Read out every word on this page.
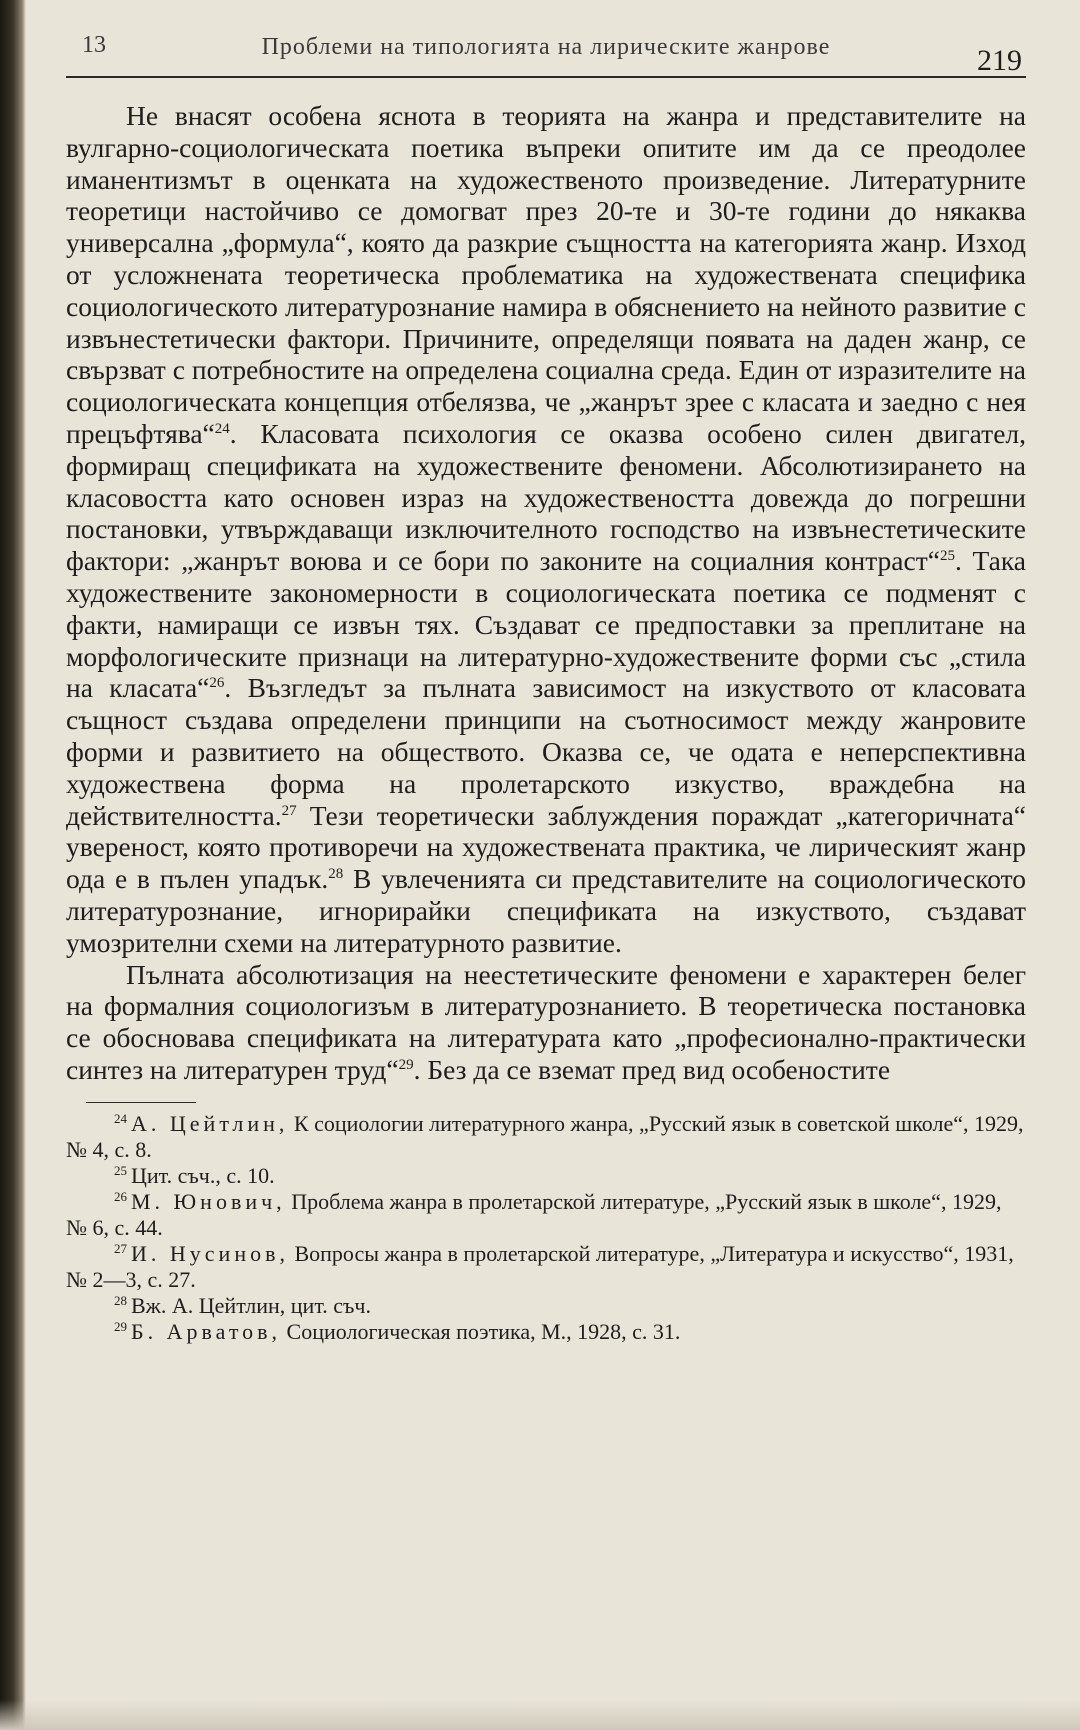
13	Проблеми на типологията на лирическите жанрове	219

Не внасят особена яснота в теорията на жанра и представителите на вулгарно-социологическата поетика въпреки опитите им да се преодолее иманентизмът в оценката на художественото произведение. Литературните теоретици настойчиво се домогват през 20-те и 30-те години до някаква универсална „формула“, която да разкрие същността на категорията жанр. Изход от усложнената теоретическа проблематика на художествената специфика социологическото литературознание намира в обяснението на нейното развитие с извънестетически фактори. Причините, определящи появата на даден жанр, се свързват с потребностите на определена социална среда. Един от изразителите на социологическата концепция отбелязва, че „жанрът зрее с класата и заедно с нея прецъфтява“$^{24}$. Класовата психология се оказва особено силен двигател, формиращ спецификата на художествените феномени. Абсолютизирането на класовостта като основен израз на художествеността довежда до погрешни постановки, утвърждаващи изключителното господство на извънестетическите фактори: „жанрът воюва и се бори по законите на социалния контраст“$^{25}$. Така художествените закономерности в социологическата поетика се подменят с факти, намиращи се извън тях. Създават се предпоставки за преплитане на морфологическите признаци на литературно-художествените форми със „стила на класата“$^{26}$. Възгледът за пълната зависимост на изкуството от класовата същност създава определени принципи на съотносимост между жанровите форми и развитието на обществото. Оказва се, че одата е неперспективна художествена форма на пролетарското изкуство, враждебна на действителността.$^{27}$ Тези теоретически заблуждения пораждат „категоричната“ увереност, която противоречи на художествената практика, че лирическият жанр ода е в пълен упадък.$^{28}$ В увлеченията си представителите на социологическото литературознание, игнорирайки спецификата на изкуството, създават умозрителни схеми на литературното развитие.

Пълната абсолютизация на неестетическите феномени е характерен белег на формалния социологизъм в литературознанието. В теоретическа постановка се обосновава спецификата на литературата като „професионално-практически синтез на литературен труд“$^{29}$. Без да се вземат пред вид особеностите

$^{24}$ А. Цейтлин, К социологии литературного жанра, „Русский язык в советской школе“, 1929, № 4, с. 8.

$^{25}$ Цит. съч., с. 10.

$^{26}$ М. Юнович, Проблема жанра в пролетарской литературе, „Русский язык в школе“, 1929, № 6, с. 44.

$^{27}$ И. Нусинов, Вопросы жанра в пролетарской литературе, „Литература и искусство“, 1931, № 2—3, с. 27.

$^{28}$ Вж. А. Цейтлин, цит. съч.

$^{29}$ Б. Арватов, Социологическая поэтика, М., 1928, с. 31.
